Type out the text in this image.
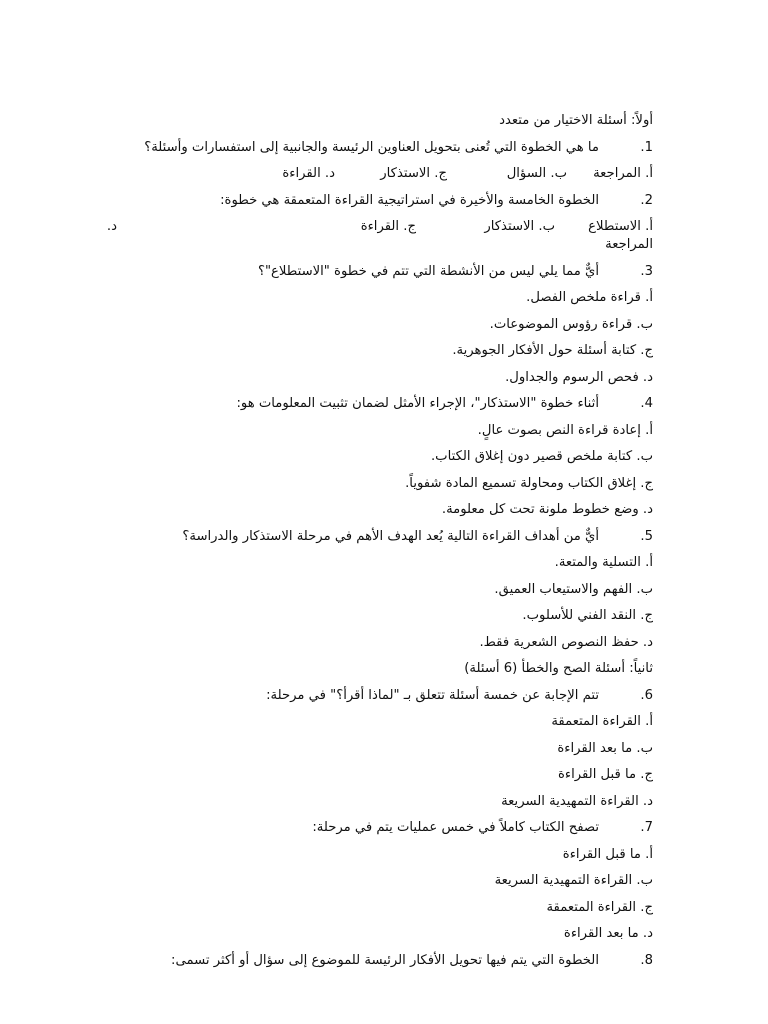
أولاً: أسئلة الاختيار من متعدد
1.ما هي الخطوة التي تُعنى بتحويل العناوين الرئيسة والجانبية إلى استفسارات وأسئلة؟
أ. المراجعة
ب. السؤال
ج. الاستذكار
د. القراءة
2.الخطوة الخامسة والأخيرة في استراتيجية القراءة المتعمقة هي خطوة:
أ. الاستطلاع
ب. الاستذكار
ج. القراءة
د.
المراجعة
3.أيٌّ مما يلي ليس من الأنشطة التي تتم في خطوة "الاستطلاع"؟
أ. قراءة ملخص الفصل.
ب. قراءة رؤوس الموضوعات.
ج. كتابة أسئلة حول الأفكار الجوهرية.
د. فحص الرسوم والجداول.
4.أثناء خطوة "الاستذكار"، الإجراء الأمثل لضمان تثبيت المعلومات هو:
أ. إعادة قراءة النص بصوت عالٍ.
ب. كتابة ملخص قصير دون إغلاق الكتاب.
ج. إغلاق الكتاب ومحاولة تسميع المادة شفوياً.
د. وضع خطوط ملونة تحت كل معلومة.
5.أيٌّ من أهداف القراءة التالية يُعد الهدف الأهم في مرحلة الاستذكار والدراسة؟
أ. التسلية والمتعة.
ب. الفهم والاستيعاب العميق.
ج. النقد الفني للأسلوب.
د. حفظ النصوص الشعرية فقط.
ثانياً: أسئلة الصح والخطأ (6 أسئلة)
6.تتم الإجابة عن خمسة أسئلة تتعلق بـ "لماذا أقرأ؟" في مرحلة:
أ. القراءة المتعمقة
ب. ما بعد القراءة
ج. ما قبل القراءة
د. القراءة التمهيدية السريعة
7.تصفح الكتاب كاملاً في خمس عمليات يتم في مرحلة:
أ. ما قبل القراءة
ب. القراءة التمهيدية السريعة
ج. القراءة المتعمقة
د. ما بعد القراءة
8.الخطوة التي يتم فيها تحويل الأفكار الرئيسة للموضوع إلى سؤال أو أكثر تسمى:
